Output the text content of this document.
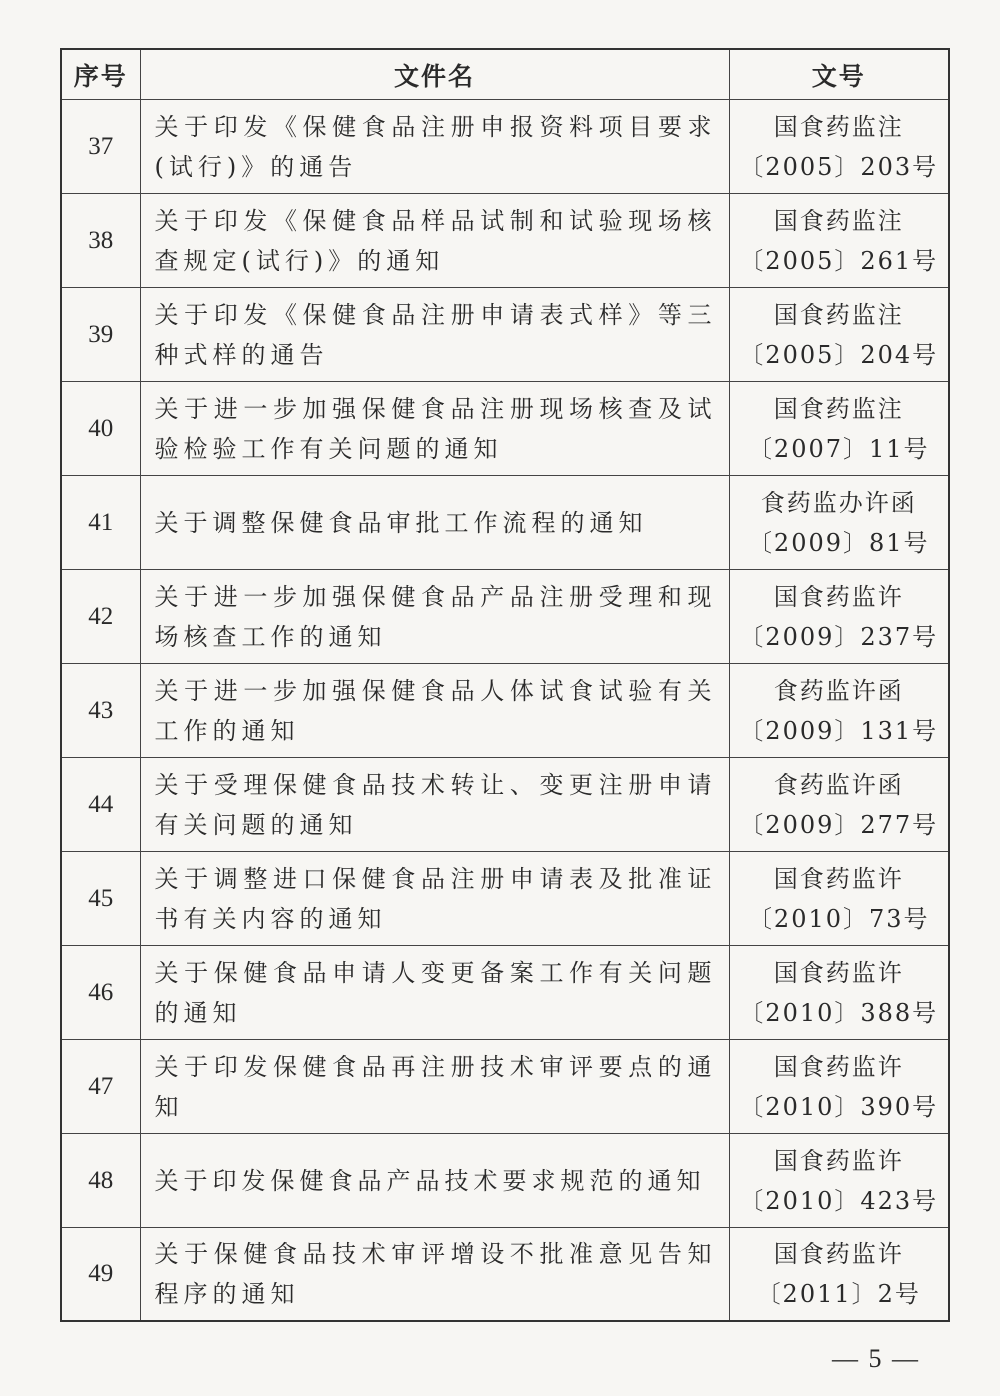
序号	文件名	文号
37	关于印发《保健食品注册申报资料项目要求(试行)》的通告	国食药监注
〔2005〕203号

38	关于印发《保健食品样品试制和试验现场核查规定(试行)》的通知	国食药监注
〔2005〕261号

39	关于印发《保健食品注册申请表式样》等三种式样的通告	国食药监注
〔2005〕204号

40	关于进一步加强保健食品注册现场核查及试验检验工作有关问题的通知	国食药监注
〔2007〕11号

41	关于调整保健食品审批工作流程的通知	食药监办许函
〔2009〕81号

42	关于进一步加强保健食品产品注册受理和现场核查工作的通知	国食药监许
〔2009〕237号

43	关于进一步加强保健食品人体试食试验有关工作的通知	食药监许函
〔2009〕131号

44	关于受理保健食品技术转让、变更注册申请有关问题的通知	食药监许函
〔2009〕277号

45	关于调整进口保健食品注册申请表及批准证书有关内容的通知	国食药监许
〔2010〕73号

46	关于保健食品申请人变更备案工作有关问题的通知	国食药监许
〔2010〕388号

47	关于印发保健食品再注册技术审评要点的通知	国食药监许
〔2010〕390号

48	关于印发保健食品产品技术要求规范的通知	国食药监许
〔2010〕423号

49	关于保健食品技术审评增设不批准意见告知程序的通知	国食药监许
〔2011〕2号
— 5 —
